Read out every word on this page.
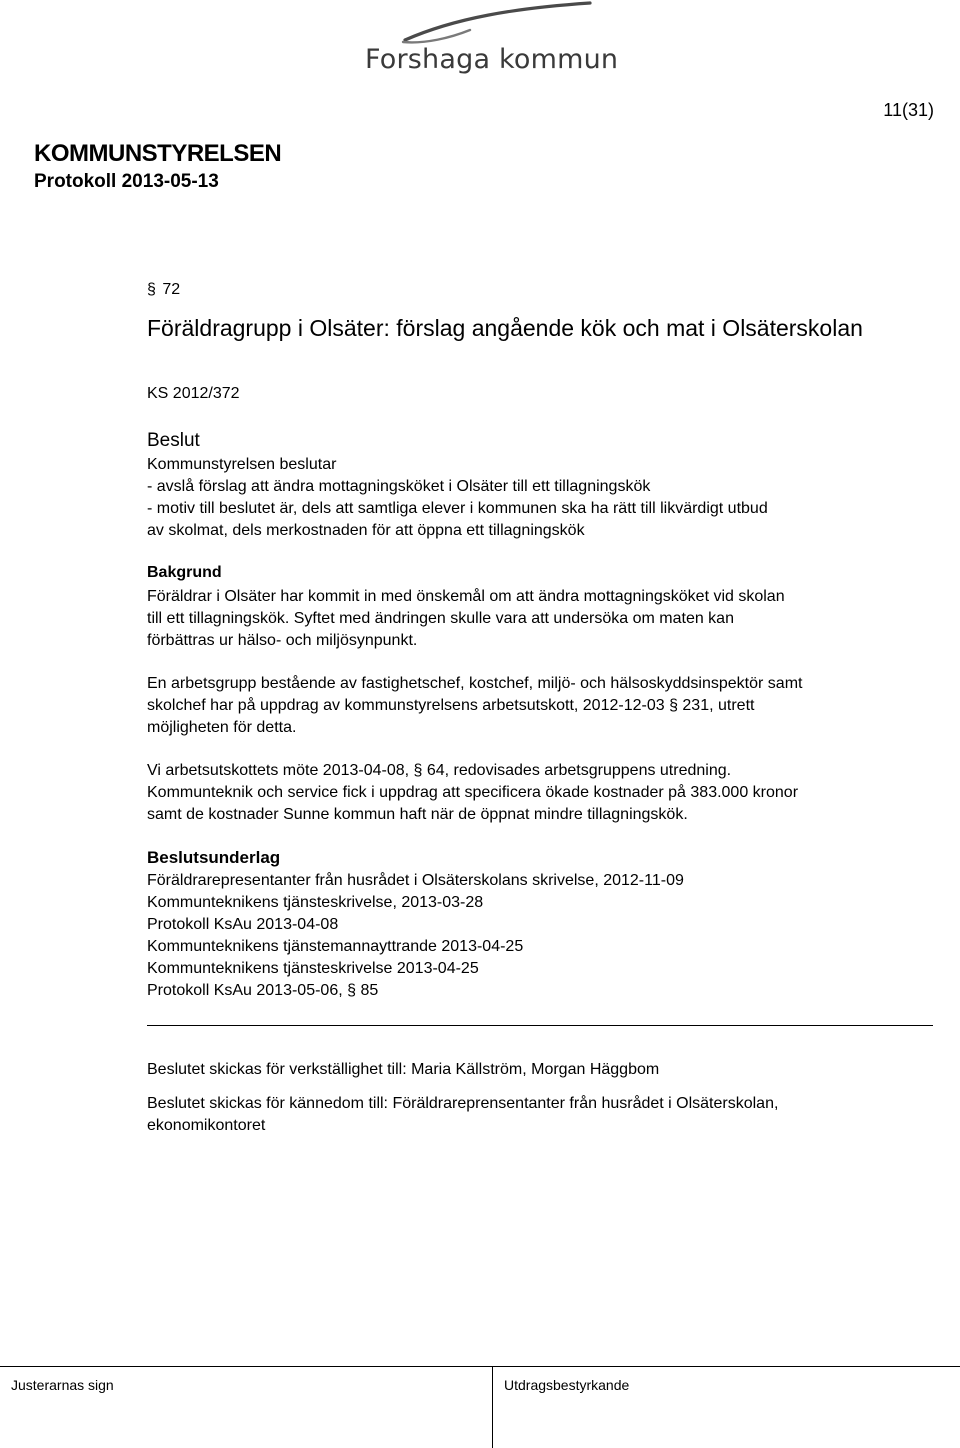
Forshaga kommun
11(31)
KOMMUNSTYRELSEN
Protokoll 2013-05-13
§ 72
Föräldragrupp i Olsäter: förslag angående kök och mat i Olsäterskolan
KS 2012/372
Beslut
Kommunstyrelsen beslutar
- avslå förslag att ändra mottagningsköket i Olsäter till ett tillagningskök
- motiv till beslutet är, dels att samtliga elever i kommunen ska ha rätt till likvärdigt utbud
av skolmat, dels merkostnaden för att öppna ett tillagningskök
Bakgrund
Föräldrar i Olsäter har kommit in med önskemål om att ändra mottagningsköket vid skolan
till ett tillagningskök. Syftet med ändringen skulle vara att undersöka om maten kan
förbättras ur hälso- och miljösynpunkt.
En arbetsgrupp bestående av fastighetschef, kostchef, miljö- och hälsoskyddsinspektör samt
skolchef har på uppdrag av kommunstyrelsens arbetsutskott, 2012-12-03 § 231, utrett
möjligheten för detta.
Vi arbetsutskottets möte 2013-04-08, § 64, redovisades arbetsgruppens utredning.
Kommunteknik och service fick i uppdrag att specificera ökade kostnader på 383.000 kronor
samt de kostnader Sunne kommun haft när de öppnat mindre tillagningskök.
Beslutsunderlag
Föräldrarepresentanter från husrådet i Olsäterskolans skrivelse, 2012-11-09
Kommunteknikens tjänsteskrivelse, 2013-03-28
Protokoll KsAu 2013-04-08
Kommunteknikens tjänstemannayttrande 2013-04-25
Kommunteknikens tjänsteskrivelse 2013-04-25
Protokoll KsAu 2013-05-06, § 85
Beslutet skickas för verkställighet till: Maria Källström, Morgan Häggbom
Beslutet skickas för kännedom till: Föräldrareprensentanter från husrådet i Olsäterskolan,
ekonomikontoret
Justerarnas sign	Utdragsbestyrkande
